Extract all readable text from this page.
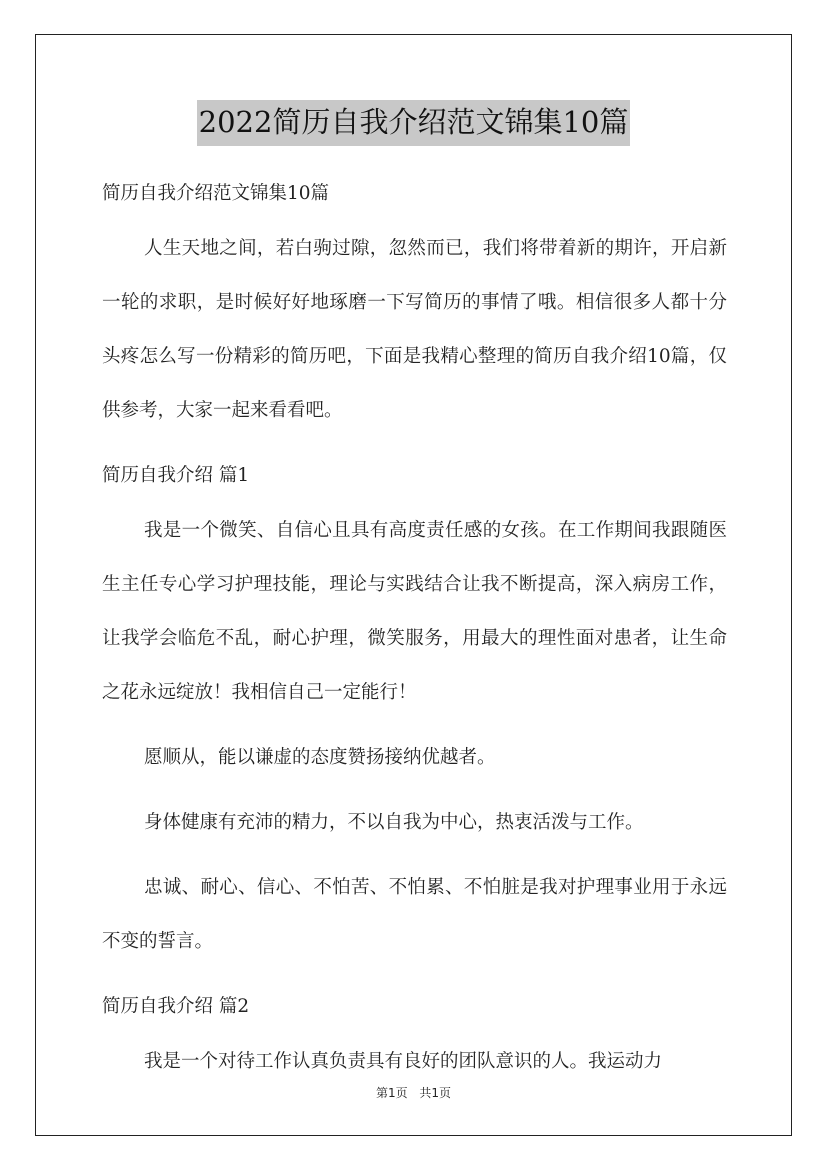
2022简历自我介绍范文锦集10篇

简历自我介绍范文锦集10篇

人生天地之间，若白驹过隙，忽然而已，我们将带着新的期许，开启新一轮的求职，是时候好好地琢磨一下写简历的事情了哦。相信很多人都十分头疼怎么写一份精彩的简历吧，下面是我精心整理的简历自我介绍10篇，仅供参考，大家一起来看看吧。

简历自我介绍 篇1

我是一个微笑、自信心且具有高度责任感的女孩。在工作期间我跟随医生主任专心学习护理技能，理论与实践结合让我不断提高，深入病房工作，让我学会临危不乱，耐心护理，微笑服务，用最大的理性面对患者，让生命之花永远绽放！我相信自己一定能行！

愿顺从，能以谦虚的态度赞扬接纳优越者。

身体健康有充沛的精力，不以自我为中心，热衷活泼与工作。

忠诚、耐心、信心、不怕苦、不怕累、不怕脏是我对护理事业用于永远不变的誓言。

简历自我介绍 篇2

我是一个对待工作认真负责具有良好的团队意识的人。我运动力

第1页 共1页
